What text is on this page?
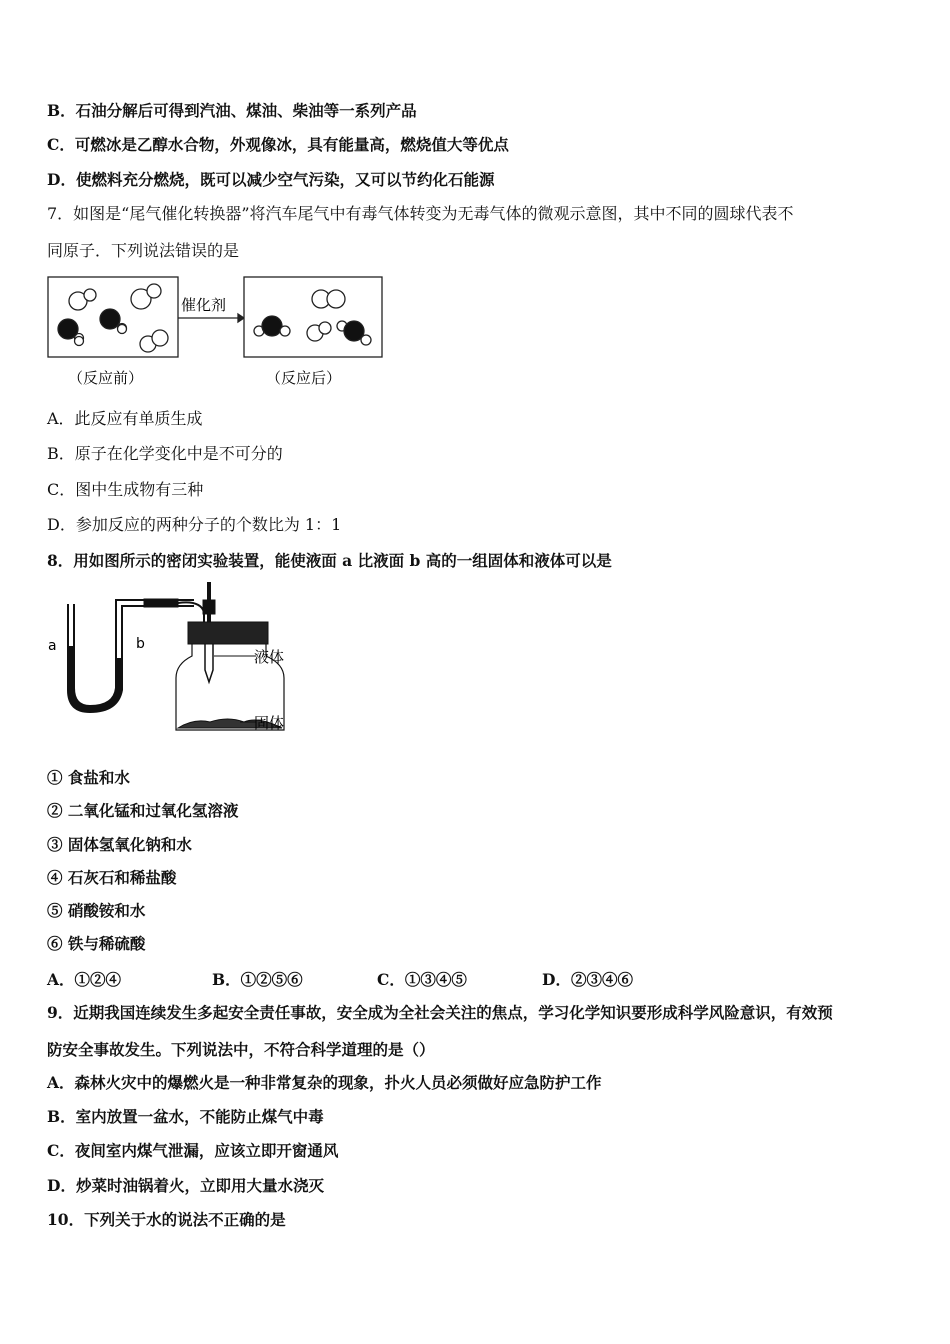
B．石油分解后可得到汽油、煤油、柴油等一系列产品
C．可燃冰是乙醇水合物，外观像冰，具有能量高，燃烧值大等优点
D．使燃料充分燃烧，既可以减少空气污染，又可以节约化石能源
7．如图是“尾气催化转换器”将汽车尾气中有毒气体转变为无毒气体的微观示意图，其中不同的圆球代表不
同原子．下列说法错误的是
催化剂
（反应前）	（反应后）
A．此反应有单质生成
B．原子在化学变化中是不可分的
C．图中生成物有三种
D．参加反应的两种分子的个数比为 1：1
8．用如图所示的密闭实验装置，能使液面 a 比液面 b 高的一组固体和液体可以是
a	b
液体
固体
① 食盐和水
② 二氧化锰和过氧化氢溶液
③ 固体氢氧化钠和水
④ 石灰石和稀盐酸
⑤ 硝酸铵和水
⑥ 铁与稀硫酸
A．①②④	B．①②⑤⑥	C．①③④⑤	D．②③④⑥
9．近期我国连续发生多起安全责任事故，安全成为全社会关注的焦点，学习化学知识要形成科学风险意识，有效预
防安全事故发生。下列说法中，不符合科学道理的是（）
A．森林火灾中的爆燃火是一种非常复杂的现象，扑火人员必须做好应急防护工作
B．室内放置一盆水，不能防止煤气中毒
C．夜间室内煤气泄漏，应该立即开窗通风
D．炒菜时油锅着火，立即用大量水浇灭
10．下列关于水的说法不正确的是
